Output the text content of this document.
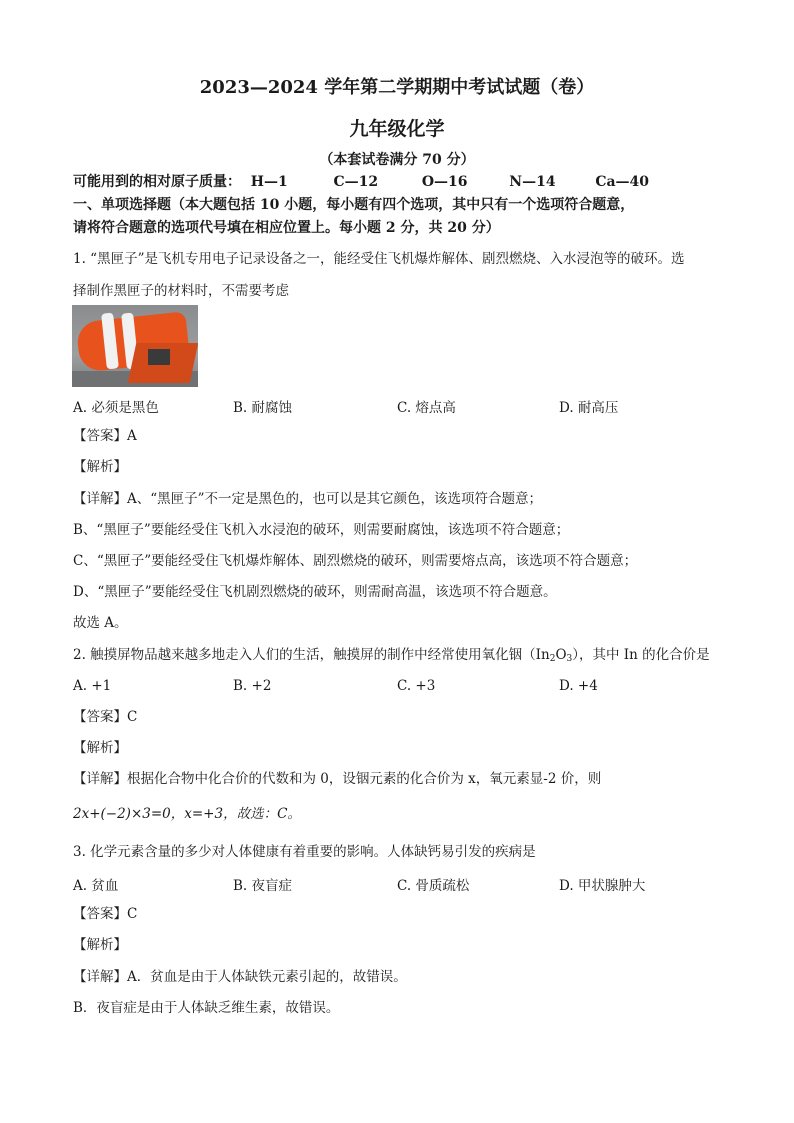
2023—2024 学年第二学期期中考试试题（卷）
九年级化学
（本套试卷满分 70 分）
可能用到的相对原子质量： H—1	C—12	O—16	N—14	Ca—40
一、单项选择题（本大题包括 10 小题，每小题有四个选项，其中只有一个选项符合题意，
请将符合题意的选项代号填在相应位置上。每小题 2 分，共 20 分）
1. “黑匣子”是飞机专用电子记录设备之一，能经受住飞机爆炸解体、剧烈燃烧、入水浸泡等的破环。选
择制作黑匣子的材料时，不需要考虑
A. 必须是黑色	B. 耐腐蚀	C. 熔点高	D. 耐高压
【答案】A
【解析】
【详解】A、“黑匣子”不一定是黑色的，也可以是其它颜色，该选项符合题意；
B、“黑匣子”要能经受住飞机入水浸泡的破环，则需要耐腐蚀，该选项不符合题意；
C、“黑匣子”要能经受住飞机爆炸解体、剧烈燃烧的破环，则需要熔点高，该选项不符合题意；
D、“黑匣子”要能经受住飞机剧烈燃烧的破环，则需耐高温，该选项不符合题意。
故选 A。
2. 触摸屏物品越来越多地走入人们的生活，触摸屏的制作中经常使用氧化铟（In2O3），其中 In 的化合价是
A. +1	B. +2	C. +3	D. +4
【答案】C
【解析】
【详解】根据化合物中化合价的代数和为 0，设铟元素的化合价为 x，氧元素显-2 价，则
2x+(−2)×3=0，x=+3，故选：C。
3. 化学元素含量的多少对人体健康有着重要的影响。人体缺钙易引发的疾病是
A. 贫血	B. 夜盲症	C. 骨质疏松	D. 甲状腺肿大
【答案】C
【解析】
【详解】A．贫血是由于人体缺铁元素引起的，故错误。
B．夜盲症是由于人体缺乏维生素，故错误。
